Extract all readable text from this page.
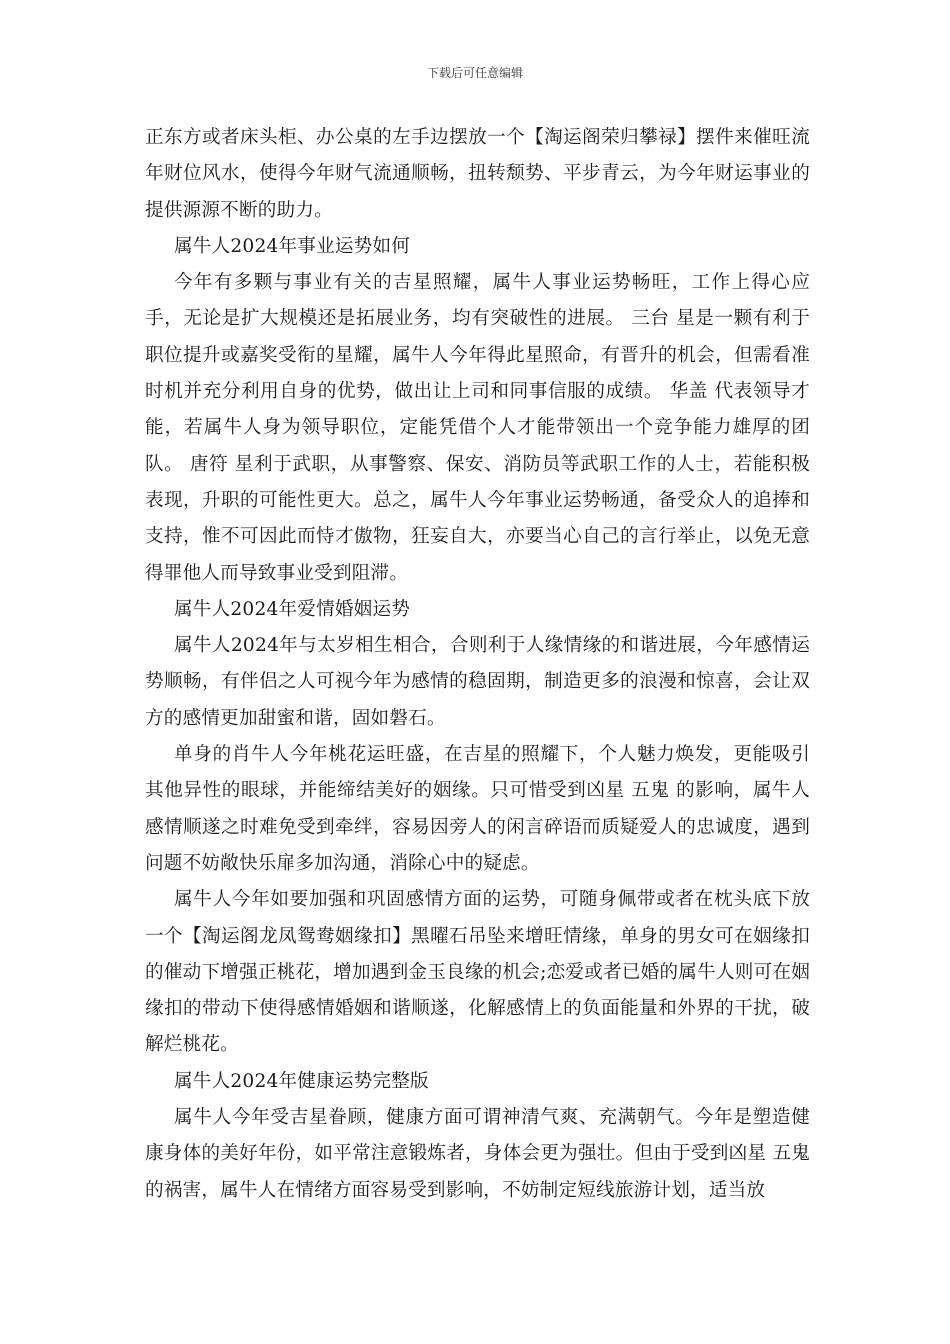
下载后可任意编辑

正东方或者床头柜、办公桌的左手边摆放一个【淘运阁荣归攀禄】摆件来催旺流年财位风水，使得今年财气流通顺畅，扭转颓势、平步青云，为今年财运事业的提供源源不断的助力。

属牛人2024年事业运势如何

今年有多颗与事业有关的吉星照耀，属牛人事业运势畅旺，工作上得心应手，无论是扩大规模还是拓展业务，均有突破性的进展。 三台 星是一颗有利于职位提升或嘉奖受衔的星耀，属牛人今年得此星照命，有晋升的机会，但需看准时机并充分利用自身的优势，做出让上司和同事信服的成绩。 华盖 代表领导才能，若属牛人身为领导职位，定能凭借个人才能带领出一个竞争能力雄厚的团队。 唐符 星利于武职，从事警察、保安、消防员等武职工作的人士，若能积极表现，升职的可能性更大。总之，属牛人今年事业运势畅通，备受众人的追捧和支持，惟不可因此而恃才傲物，狂妄自大，亦要当心自己的言行举止，以免无意得罪他人而导致事业受到阻滞。

属牛人2024年爱情婚姻运势

属牛人2024年与太岁相生相合，合则利于人缘情缘的和谐进展，今年感情运势顺畅，有伴侣之人可视今年为感情的稳固期，制造更多的浪漫和惊喜，会让双方的感情更加甜蜜和谐，固如磐石。

单身的肖牛人今年桃花运旺盛，在吉星的照耀下，个人魅力焕发，更能吸引其他异性的眼球，并能缔结美好的姻缘。只可惜受到凶星 五鬼 的影响，属牛人感情顺遂之时难免受到牵绊，容易因旁人的闲言碎语而质疑爱人的忠诚度，遇到问题不妨敞快乐扉多加沟通，消除心中的疑虑。

属牛人今年如要加强和巩固感情方面的运势，可随身佩带或者在枕头底下放一个【淘运阁龙凤鸳鸯姻缘扣】黑曜石吊坠来增旺情缘，单身的男女可在姻缘扣的催动下增强正桃花，增加遇到金玉良缘的机会;恋爱或者已婚的属牛人则可在姻缘扣的带动下使得感情婚姻和谐顺遂，化解感情上的负面能量和外界的干扰，破解烂桃花。

属牛人2024年健康运势完整版

属牛人今年受吉星眷顾，健康方面可谓神清气爽、充满朝气。今年是塑造健康身体的美好年份，如平常注意锻炼者，身体会更为强壮。但由于受到凶星 五鬼 的祸害，属牛人在情绪方面容易受到影响，不妨制定短线旅游计划，适当放
